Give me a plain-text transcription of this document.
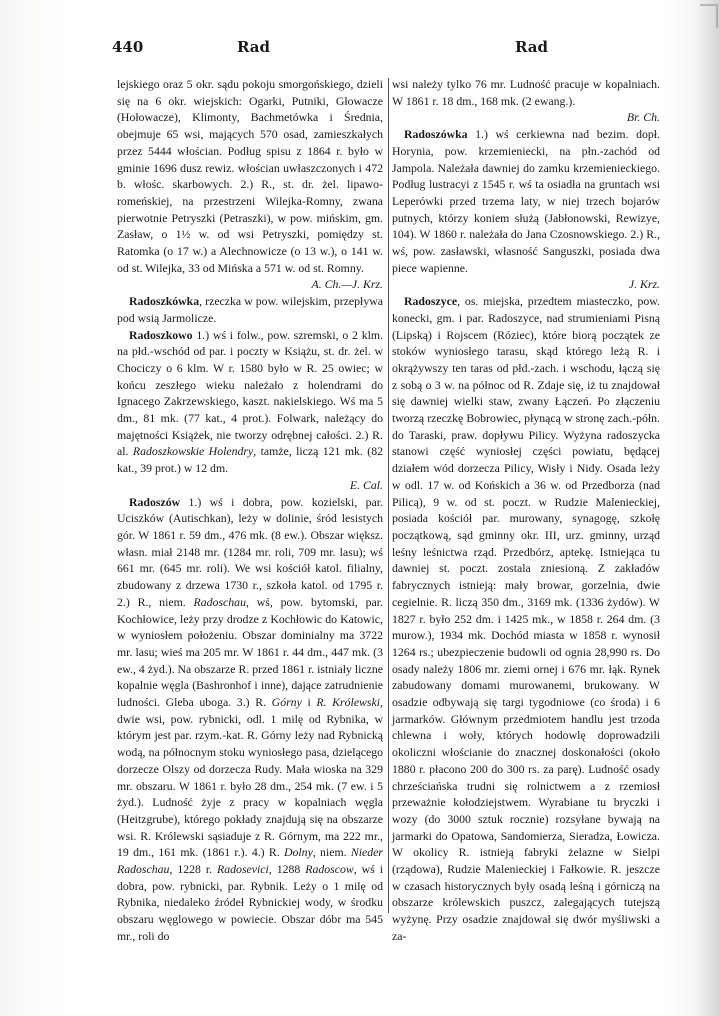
440	Rad	Rad

lejskiego oraz 5 okr. sądu pokoju smorgońskiego, dzieli się na 6 okr. wiejskich: Ogarki, Putniki, Głowacze (Hołowacze), Klimonty, Bachmetówka i Średnia, obejmuje 65 wsi, mających 570 osad, zamieszkałych przez 5444 włościan. Podług spisu z 1864 r. było w gminie 1696 dusz rewiz. włościan uwłaszczonych i 472 b. włośc. skarbowych. 2.) R., st. dr. żel. lipawo-romeńskiej, na przestrzeni Wilejka-Romny, zwana pierwotnie Petryszki (Petraszki), w pow. mińskim, gm. Zasław, o 1½ w. od wsi Petryszki, pomiędzy st. Ratomka (o 17 w.) a Alechnowicze (o 13 w.), o 141 w. od st. Wilejka, 33 od Mińska a 571 w. od st. Romny.
A. Ch.—J. Krz.

Radoszkówka, rzeczka w pow. wilejskim, przepływa pod wsią Jarmolicze.

Radoszkowo 1.) wś i folw., pow. szremski, o 2 klm. na płd.-wschód od par. i poczty w Książu, st. dr. żel. w Chociczy o 6 klm. W r. 1580 było w R. 25 owiec; w końcu zeszłego wieku należało z holendrami do Ignacego Zakrzewskiego, kaszt. nakielskiego. Wś ma 5 dm., 81 mk. (77 kat., 4 prot.). Folwark, należący do majętności Książek, nie tworzy odrębnej całości. 2.) R. al. Radoszkowskie Holendry, tamże, liczą 121 mk. (82 kat., 39 prot.) w 12 dm.
E. Cal.

Radoszów 1.) wś i dobra, pow. kozielski, par. Uciszków (Autischkan), leży w dolinie, śród lesistych gór. W 1861 r. 59 dm., 476 mk. (8 ew.). Obszar większ. własn. miał 2148 mr. (1284 mr. roli, 709 mr. lasu); wś 661 mr. (645 mr. roli). We wsi kościół katol. filialny, zbudowany z drzewa 1730 r., szkoła katol. od 1795 r. 2.) R., niem. Radoschau, wś, pow. bytomski, par. Kochłowice, leży przy drodze z Kochłowic do Katowic, w wyniosłem położeniu. Obszar dominialny ma 3722 mr. lasu; wieś ma 205 mr. W 1861 r. 44 dm., 447 mk. (3 ew., 4 żyd.). Na obszarze R. przed 1861 r. istniały liczne kopalnie węgla (Bashronhof i inne), dające zatrudnienie ludności. Gleba uboga. 3.) R. Górny i R. Królewski, dwie wsi, pow. rybnicki, odl. 1 milę od Rybnika, w którym jest par. rzym.-kat. R. Górny leży nad Rybnicką wodą, na północnym stoku wyniosłego pasa, dzielącego dorzecze Olszy od dorzecza Rudy. Mała wioska na 329 mr. obszaru. W 1861 r. było 28 dm., 254 mk. (7 ew. i 5 żyd.). Ludność żyje z pracy w kopalniach węgla (Heitzgrube), którego pokłady znajdują się na obszarze wsi. R. Królewski sąsiaduje z R. Górnym, ma 222 mr., 19 dm., 161 mk. (1861 r.). 4.) R. Dolny, niem. Nieder Radoschau, 1228 r. Radosevici, 1288 Radoscow, wś i dobra, pow. rybnicki, par. Rybnik. Leży o 1 milę od Rybnika, niedaleko źródeł Rybnickiej wody, w środku obszaru węglowego w powiecie. Obszar dóbr ma 545 mr., roli do

wsi należy tylko 76 mr. Ludność pracuje w kopalniach. W 1861 r. 18 dm., 168 mk. (2 ewang.).
Br. Ch.

Radoszówka 1.) wś cerkiewna nad bezim. dopł. Horynia, pow. krzemieniecki, na płn.-zachód od Jampola. Należała dawniej do zamku krzemienieckiego. Podług lustracyi z 1545 r. wś ta osiadła na gruntach wsi Leperówki przed trzema laty, w niej trzech bojarów putnych, którzy koniem służą (Jabłonowski, Rewizye, 104). W 1860 r. należała do Jana Czosnowskiego. 2.) R., wś, pow. zasławski, własność Sanguszki, posiada dwa piece wapienne.
J. Krz.

Radoszyce, os. miejska, przedtem miasteczko, pow. konecki, gm. i par. Radoszyce, nad strumieniami Pisną (Lipską) i Rojscem (Róziec), które biorą początek ze stoków wyniosłego tarasu, skąd którego leżą R. i okrążywszy ten taras od płd.-zach. i wschodu, łączą się z sobą o 3 w. na północ od R. Zdaje się, iż tu znajdował się dawniej wielki staw, zwany Łączeń. Po złączeniu tworzą rzeczkę Bobrowiec, płynącą w stronę zach.-półn. do Taraski, praw. dopływu Pilicy. Wyżyna radoszycka stanowi część wyniosłej części powiatu, będącej działem wód dorzecza Pilicy, Wisły i Nidy. Osada leży w odl. 17 w. od Końskich a 36 w. od Przedborza (nad Pilicą), 9 w. od st. poczt. w Rudzie Malenieckiej, posiada kościół par. murowany, synagogę, szkołę początkową, sąd gminny okr. III, urz. gminny, urząd leśny leśnictwa rząd. Przedbórz, aptekę. Istniejąca tu dawniej st. poczt. zostala zniesioną. Z zakładów fabrycznych istnieją: mały browar, gorzelnia, dwie cegielnie. R. liczą 350 dm., 3169 mk. (1336 żydów). W 1827 r. było 252 dm. i 1425 mk., w 1858 r. 264 dm. (3 murow.), 1934 mk. Dochód miasta w 1858 r. wynosił 1264 rs.; ubezpieczenie budowli od ognia 28,990 rs. Do osady należy 1806 mr. ziemi ornej i 676 mr. łąk. Rynek zabudowany domami murowanemi, brukowany. W osadzie odbywają się targi tygodniowe (co środa) i 6 jarmarków. Głównym przedmiotem handlu jest trzoda chlewna i woły, których hodowlę doprowadzili okoliczni włościanie do znacznej doskonałości (około 1880 r. płacono 200 do 300 rs. za parę). Ludność osady chrześciańska trudni się rolnictwem a z rzemiosł przeważnie kołodziejstwem. Wyrabiane tu bryczki i wozy (do 3000 sztuk rocznie) rozsyłane bywają na jarmarki do Opatowa, Sandomierza, Sieradza, Łowicza. W okolicy R. istnieją fabryki żelazne w Sielpi (rządowa), Rudzie Malenieckiej i Fałkowie. R. jeszcze w czasach historycznych były osadą leśną i górniczą na obszarze królewskich puszcz, zalegających tutejszą wyżynę. Przy osadzie znajdował się dwór myśliwski a za-
